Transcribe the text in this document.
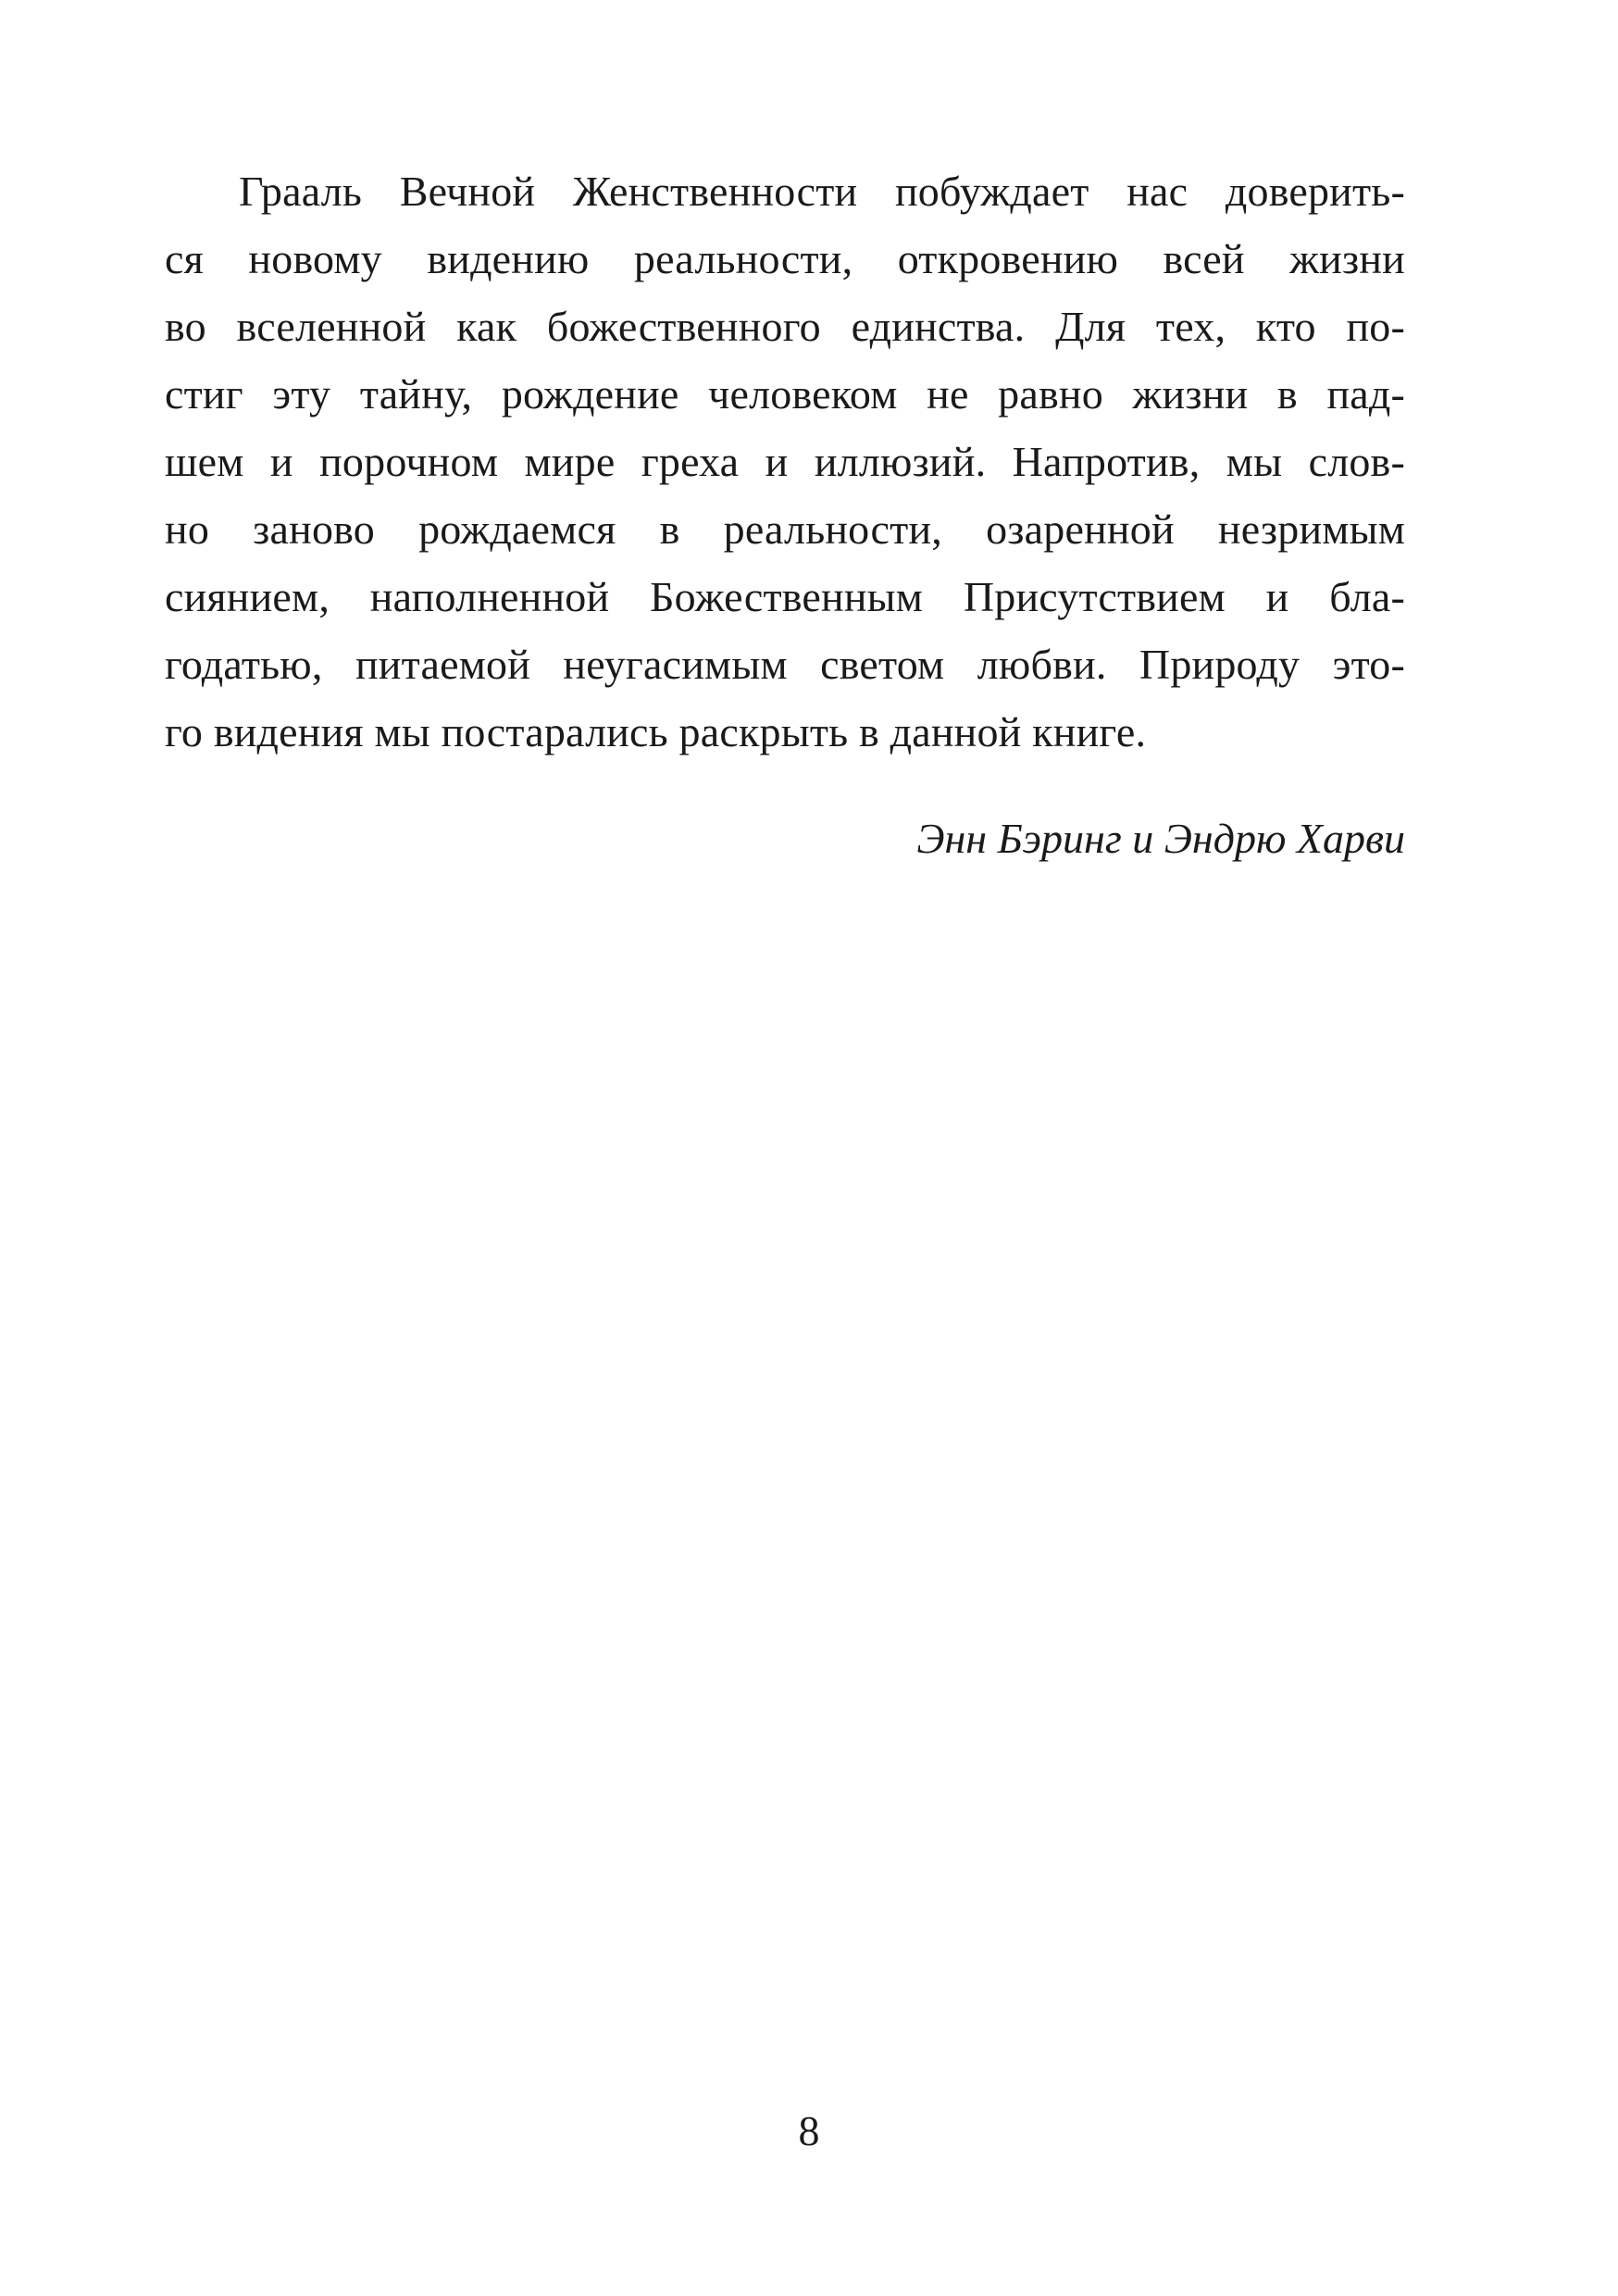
Грааль Вечной Женственности побуждает нас доверить-
ся новому видению реальности, откровению всей жизни
во вселенной как божественного единства. Для тех, кто по-
стиг эту тайну, рождение человеком не равно жизни в пад-
шем и порочном мире греха и иллюзий. Напротив, мы слов-
но заново рождаемся в реальности, озаренной незримым
сиянием, наполненной Божественным Присутствием и бла-
годатью, питаемой неугасимым светом любви. Природу это-
го видения мы постарались раскрыть в данной книге.
Энн Бэринг и Эндрю Харви
8
